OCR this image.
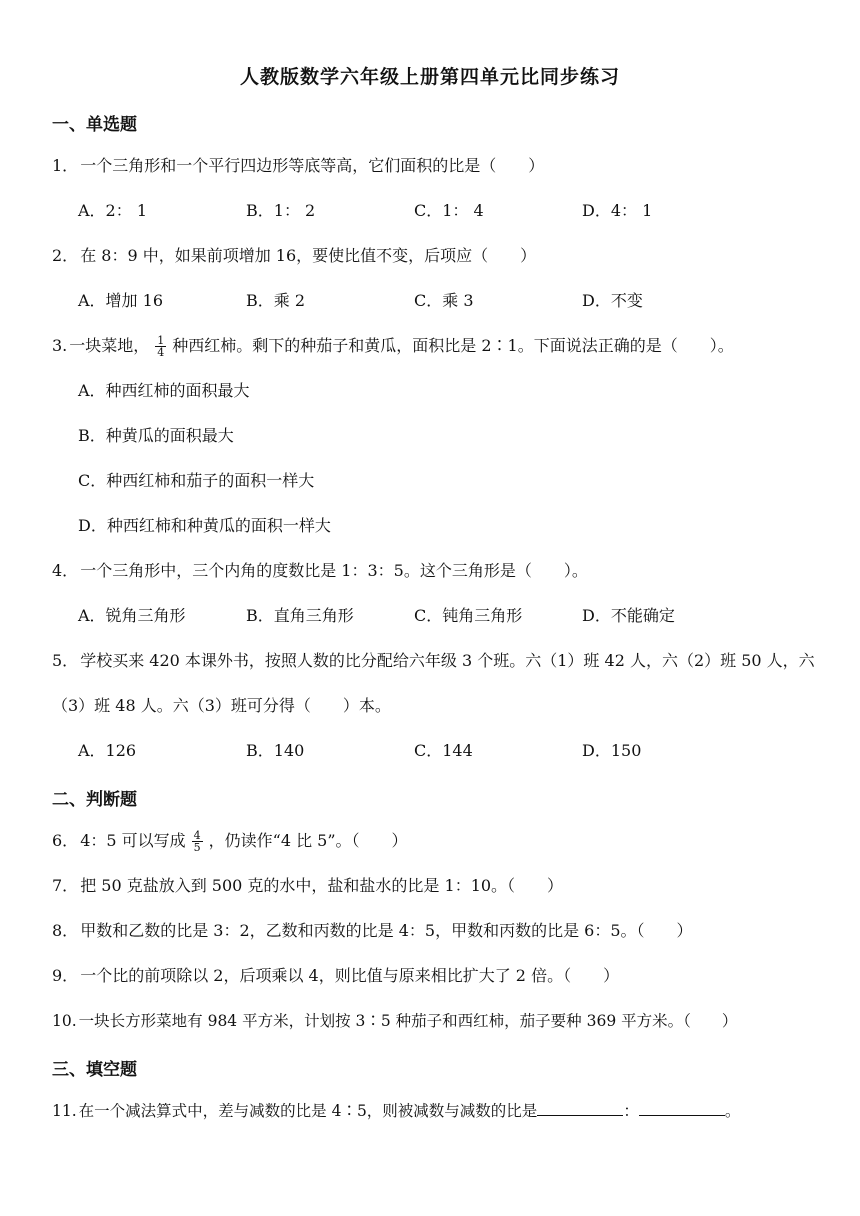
人教版数学六年级上册第四单元比同步练习
一、单选题
1． 一个三角形和一个平行四边形等底等高，它们面积的比是（　　）
A．2： 1	B．1： 2	C．1： 4	D．4： 1
2． 在 8：9 中，如果前项增加 16，要使比值不变，后项应（　　）
A．增加 16	B．乘 2	C．乘 3	D．不变
3. 一块菜地， $\frac{1}{4}$ 种西红柿。剩下的种茄子和黄瓜，面积比是 2∶1。下面说法正确的是（　　）。
A．种西红柿的面积最大
B．种黄瓜的面积最大
C．种西红柿和茄子的面积一样大
D．种西红柿和种黄瓜的面积一样大
4． 一个三角形中，三个内角的度数比是 1：3：5。这个三角形是（　　）。
A．锐角三角形	B．直角三角形	C．钝角三角形	D．不能确定
5． 学校买来 420 本课外书，按照人数的比分配给六年级 3 个班。六（1）班 42 人，六（2）班 50 人，六（3）班 48 人。六（3）班可分得（　　）本。
A．126	B．140	C．144	D．150
二、判断题
6． 4：5 可以写成 $\frac{4}{5}$ ，仍读作“4 比 5”。（　　）
7． 把 50 克盐放入到 500 克的水中，盐和盐水的比是 1：10。（　　）
8． 甲数和乙数的比是 3：2，乙数和丙数的比是 4：5，甲数和丙数的比是 6：5。（　　）
9． 一个比的前项除以 2，后项乘以 4，则比值与原来相比扩大了 2 倍。（　　）
10. 一块长方形菜地有 984 平方米，计划按 3∶5 种茄子和西红柿，茄子要种 369 平方米。（　　）
三、填空题
11. 在一个减法算式中，差与减数的比是 4∶5，则被减数与减数的比是	：	。
